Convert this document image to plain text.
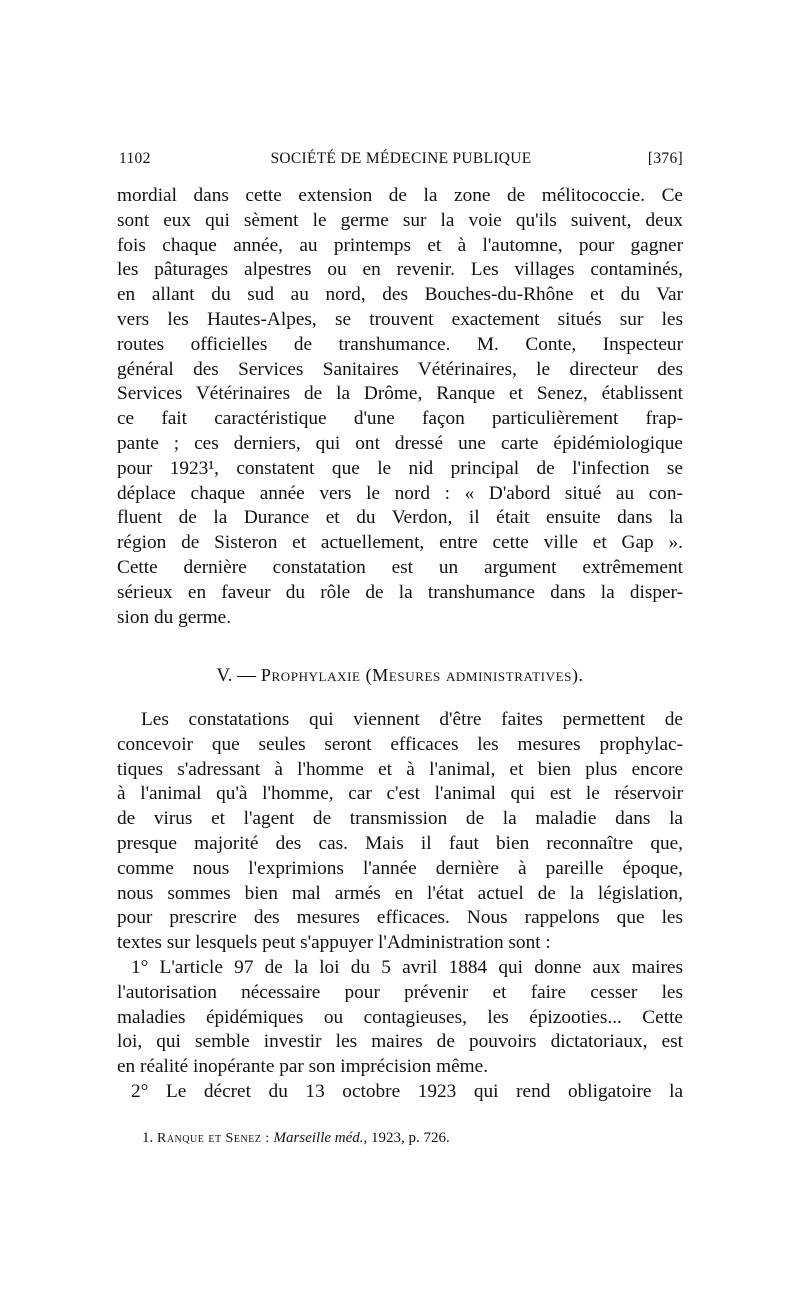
1102	SOCIÉTÉ DE MÉDECINE PUBLIQUE	[376]
mordial dans cette extension de la zone de mélitococcie. Ce
sont eux qui sèment le germe sur la voie qu'ils suivent, deux
fois chaque année, au printemps et à l'automne, pour gagner
les pâturages alpestres ou en revenir. Les villages contaminés,
en allant du sud au nord, des Bouches-du-Rhône et du Var
vers les Hautes-Alpes, se trouvent exactement situés sur les
routes officielles de transhumance. M. Conte, Inspecteur
général des Services Sanitaires Vétérinaires, le directeur des
Services Vétérinaires de la Drôme, Ranque et Senez, établissent
ce fait caractéristique d'une façon particulièrement frap-
pante ; ces derniers, qui ont dressé une carte épidémiologique
pour 1923¹, constatent que le nid principal de l'infection se
déplace chaque année vers le nord : « D'abord situé au con-
fluent de la Durance et du Verdon, il était ensuite dans la
région de Sisteron et actuellement, entre cette ville et Gap ».
Cette dernière constatation est un argument extrêmement
sérieux en faveur du rôle de la transhumance dans la disper-
sion du germe.
V. — Prophylaxie (Mesures administratives).
Les constatations qui viennent d'être faites permettent de
concevoir que seules seront efficaces les mesures prophylac-
tiques s'adressant à l'homme et à l'animal, et bien plus encore
à l'animal qu'à l'homme, car c'est l'animal qui est le réservoir
de virus et l'agent de transmission de la maladie dans la
presque majorité des cas. Mais il faut bien reconnaître que,
comme nous l'exprimions l'année dernière à pareille époque,
nous sommes bien mal armés en l'état actuel de la législation,
pour prescrire des mesures efficaces. Nous rappelons que les
textes sur lesquels peut s'appuyer l'Administration sont :
1° L'article 97 de la loi du 5 avril 1884 qui donne aux maires
l'autorisation nécessaire pour prévenir et faire cesser les
maladies épidémiques ou contagieuses, les épizooties... Cette
loi, qui semble investir les maires de pouvoirs dictatoriaux, est
en réalité inopérante par son imprécision même.
2° Le décret du 13 octobre 1923 qui rend obligatoire la
1. Ranque et Senez : Marseille méd., 1923, p. 726.
